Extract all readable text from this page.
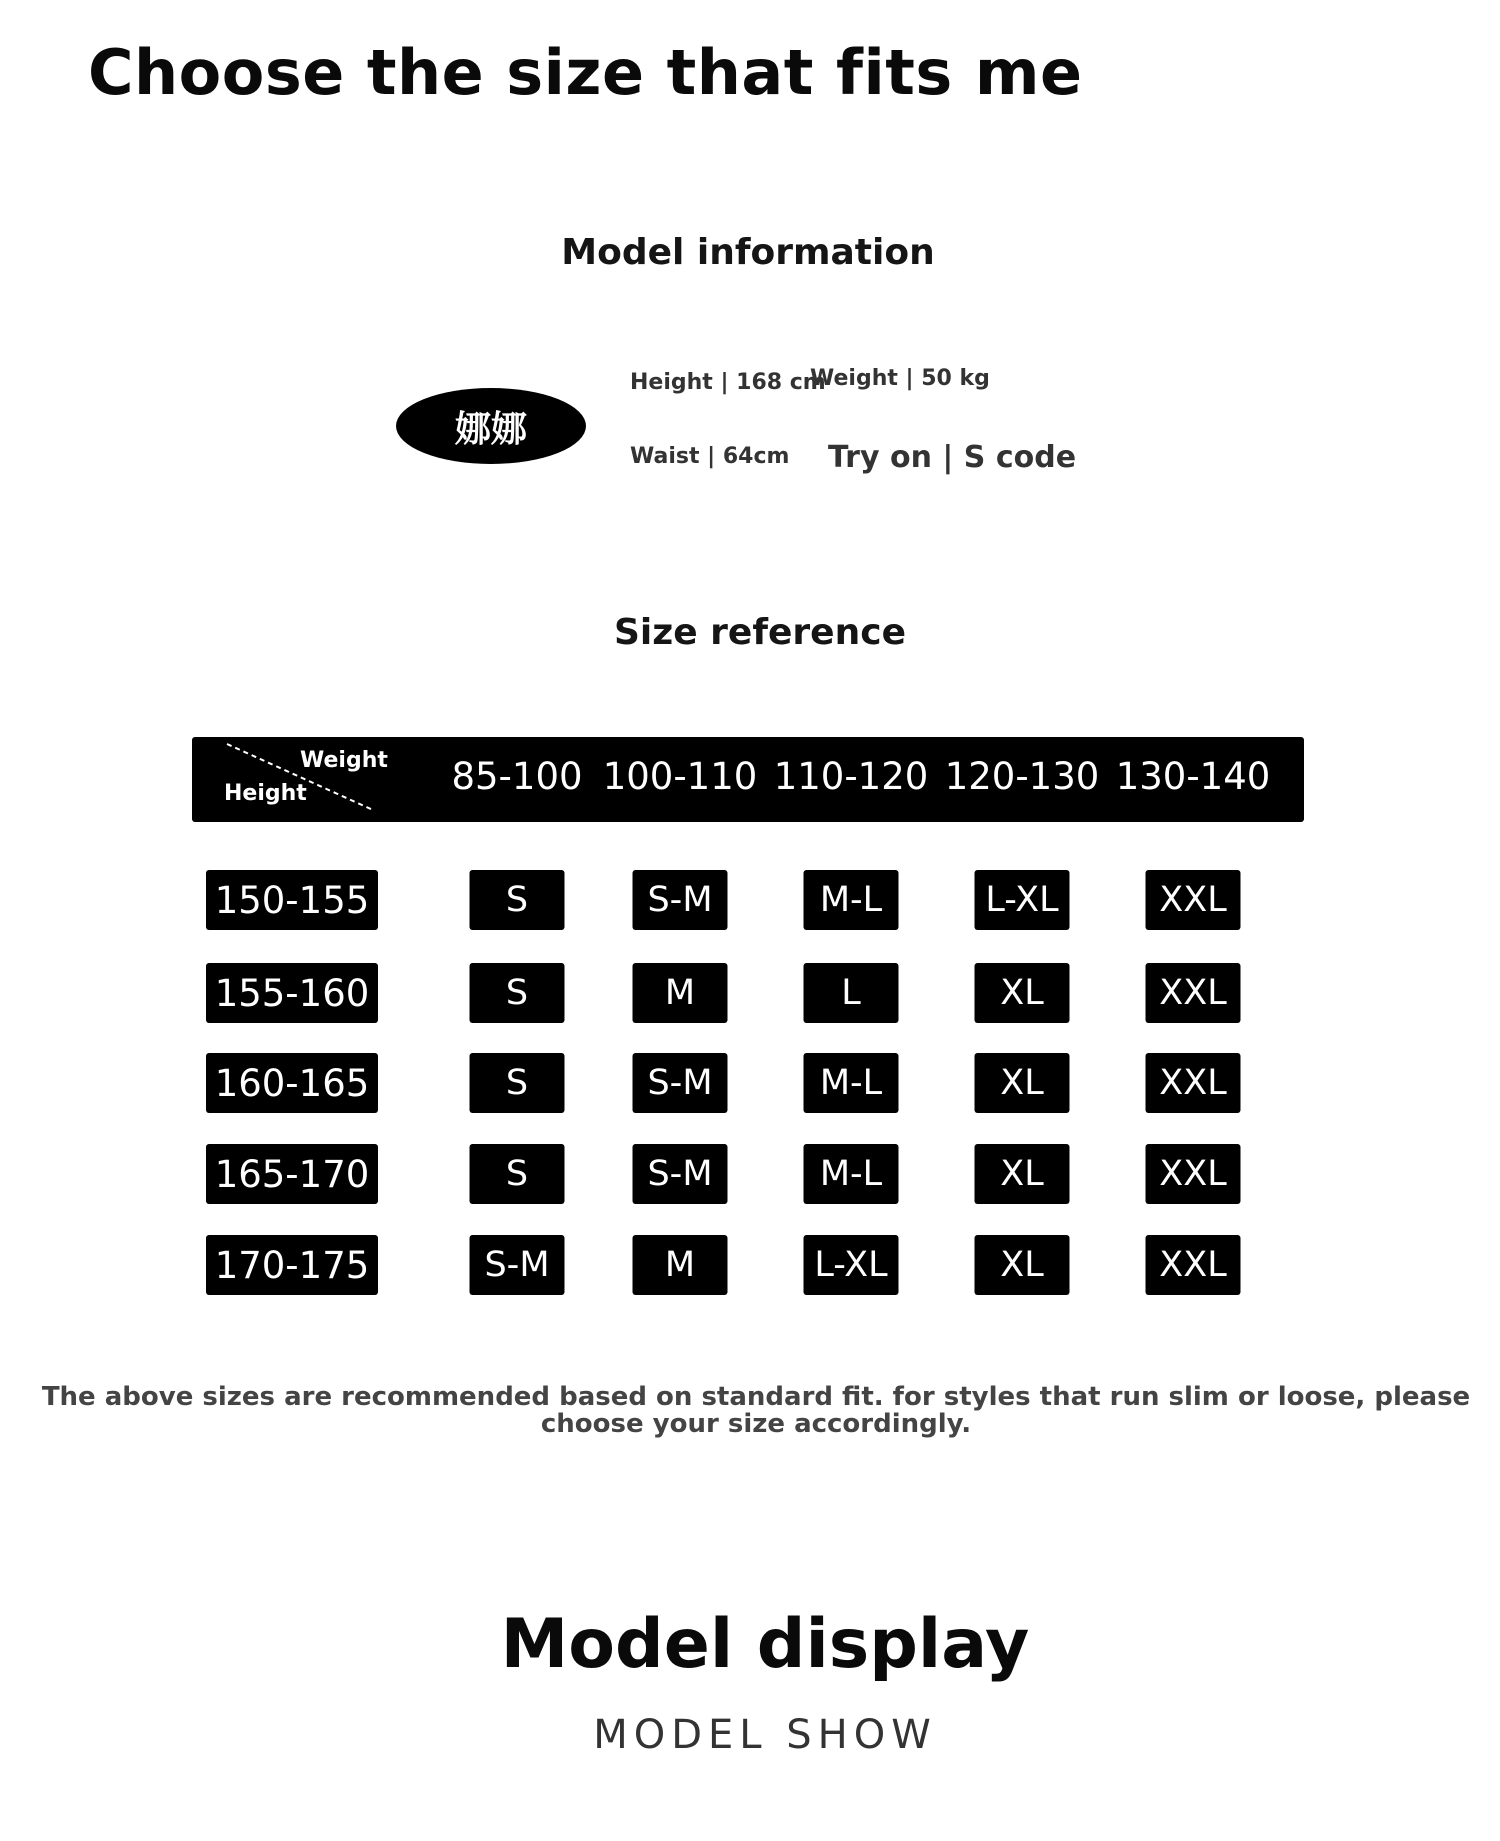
Choose the size that fits me
Model information
娜娜
Height | 168 cm
Weight | 50 kg
Waist | 64cm Try on | S code
Size reference
Weight
Height	85-100 100-110 110-120 120-130 130-140
150-155	S	S-M	M-L	L-XL	XXL
155-160	S	M	L	XL	XXL
160-165	S	S-M	M-L	XL	XXL
165-170	S	S-M	M-L	XL	XXL
170-175	S-M	M	L-XL	XL	XXL
The above sizes are recommended based on standard fit. for styles that run slim or loose, please choose your size accordingly.
Model display
MODEL SHOW
